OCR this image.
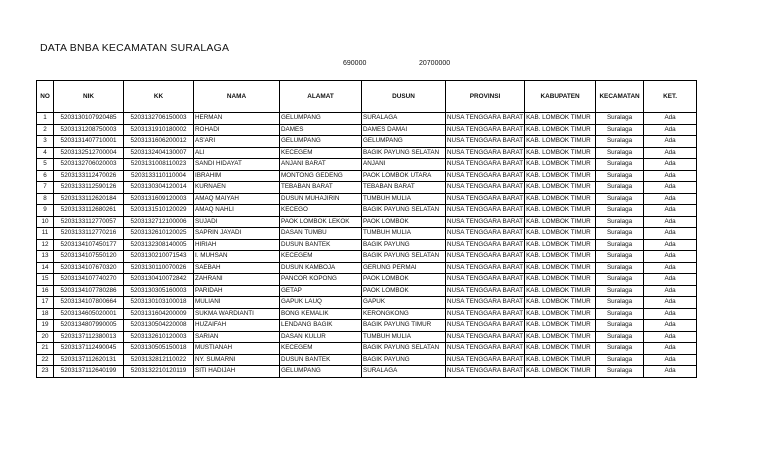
DATA BNBA KECAMATAN SURALAGA
690000	20700000
NO	NIK	KK	NAMA	ALAMAT	DUSUN	PROVINSI	KABUPATEN	KECAMATAN	KET.
1	5203130107920485	5203132706150003	HERMAN	GELUMPANG	SURALAGA	NUSA TENGGARA BARAT	KAB. LOMBOK TIMUR	Suralaga	Ada
2	5203131208750003	5203131910180002	ROHADI	DAMES	DAMES DAMAI	NUSA TENGGARA BARAT	KAB. LOMBOK TIMUR	Suralaga	Ada
3	5203131407710001	5203131606200012	AS'ARI	GELUMPANG	GELUMPANG	NUSA TENGGARA BARAT	KAB. LOMBOK TIMUR	Suralaga	Ada
4	5203132512700004	5203132404130007	ALI	KECEGEM	BAGIK PAYUNG SELATAN	NUSA TENGGARA BARAT	KAB. LOMBOK TIMUR	Suralaga	Ada
5	5203132706020003	5203131008110023	SANDI HIDAYAT	ANJANI BARAT	ANJANI	NUSA TENGGARA BARAT	KAB. LOMBOK TIMUR	Suralaga	Ada
6	5203133112470026	5203133110110004	IBRAHIM	MONTONG GEDENG	PAOK LOMBOK UTARA	NUSA TENGGARA BARAT	KAB. LOMBOK TIMUR	Suralaga	Ada
7	5203133112590126	5203130304120014	KURNAEN	TEBABAN BARAT	TEBABAN BARAT	NUSA TENGGARA BARAT	KAB. LOMBOK TIMUR	Suralaga	Ada
8	5203133112620184	5203131609120003	AMAQ MAIYAH	DUSUN MUHAJIRIN	TUMBUH MULIA	NUSA TENGGARA BARAT	KAB. LOMBOK TIMUR	Suralaga	Ada
9	5203133112680261	5203131510120029	AMAQ NAHLI	KECEGO	BAGIK PAYUNG SELATAN	NUSA TENGGARA BARAT	KAB. LOMBOK TIMUR	Suralaga	Ada
10	5203133112770057	5203132712100006	SUJADI	PAOK LOMBOK LEKOK	PAOK LOMBOK	NUSA TENGGARA BARAT	KAB. LOMBOK TIMUR	Suralaga	Ada
11	5203133112770216	5203132610120025	SAPRIN JAYADI	DASAN TUMBU	TUMBUH MULIA	NUSA TENGGARA BARAT	KAB. LOMBOK TIMUR	Suralaga	Ada
12	5203134107450177	5203132308140005	HIRIAH	DUSUN BANTEK	BAGIK PAYUNG	NUSA TENGGARA BARAT	KAB. LOMBOK TIMUR	Suralaga	Ada
13	5203134107550120	5203130210071543	I. MUHSAN	KECEGEM	BAGIK PAYUNG SELATAN	NUSA TENGGARA BARAT	KAB. LOMBOK TIMUR	Suralaga	Ada
14	5203134107670320	5203130110070026	SAEBAH	DUSUN KAMBOJA	GERUNG PERMAI	NUSA TENGGARA BARAT	KAB. LOMBOK TIMUR	Suralaga	Ada
15	5203134107740270	5203130410072842	ZAHRANI	PANCOR KOPONG	PAOK LOMBOK	NUSA TENGGARA BARAT	KAB. LOMBOK TIMUR	Suralaga	Ada
16	5203134107780286	5203130305160003	PARIDAH	GETAP	PAOK LOMBOK	NUSA TENGGARA BARAT	KAB. LOMBOK TIMUR	Suralaga	Ada
17	5203134107800664	5203130103100018	MULIANI	GAPUK LAUQ	GAPUK	NUSA TENGGARA BARAT	KAB. LOMBOK TIMUR	Suralaga	Ada
18	5203134605020001	5203131604200009	SUKMA WARDIANTI	BONG KEMALIK	KERONGKONG	NUSA TENGGARA BARAT	KAB. LOMBOK TIMUR	Suralaga	Ada
19	5203134807990005	5203130504220008	HUZAIFAH	LENDANG BAGIK	BAGIK PAYUNG TIMUR	NUSA TENGGARA BARAT	KAB. LOMBOK TIMUR	Suralaga	Ada
20	5203137112380013	5203132610120003	SARIAN	DASAN KULUR	TUMBUH MULIA	NUSA TENGGARA BARAT	KAB. LOMBOK TIMUR	Suralaga	Ada
21	5203137112490045	5203130505150018	MUSTIANAH	KECEGEM	BAGIK PAYUNG SELATAN	NUSA TENGGARA BARAT	KAB. LOMBOK TIMUR	Suralaga	Ada
22	5203137112620131	5203132812110022	NY. SUMARNI	DUSUN BANTEK	BAGIK PAYUNG	NUSA TENGGARA BARAT	KAB. LOMBOK TIMUR	Suralaga	Ada
23	5203137112640199	5203132210120119	SITI HADIJAH	GELUMPANG	SURALAGA	NUSA TENGGARA BARAT	KAB. LOMBOK TIMUR	Suralaga	Ada
